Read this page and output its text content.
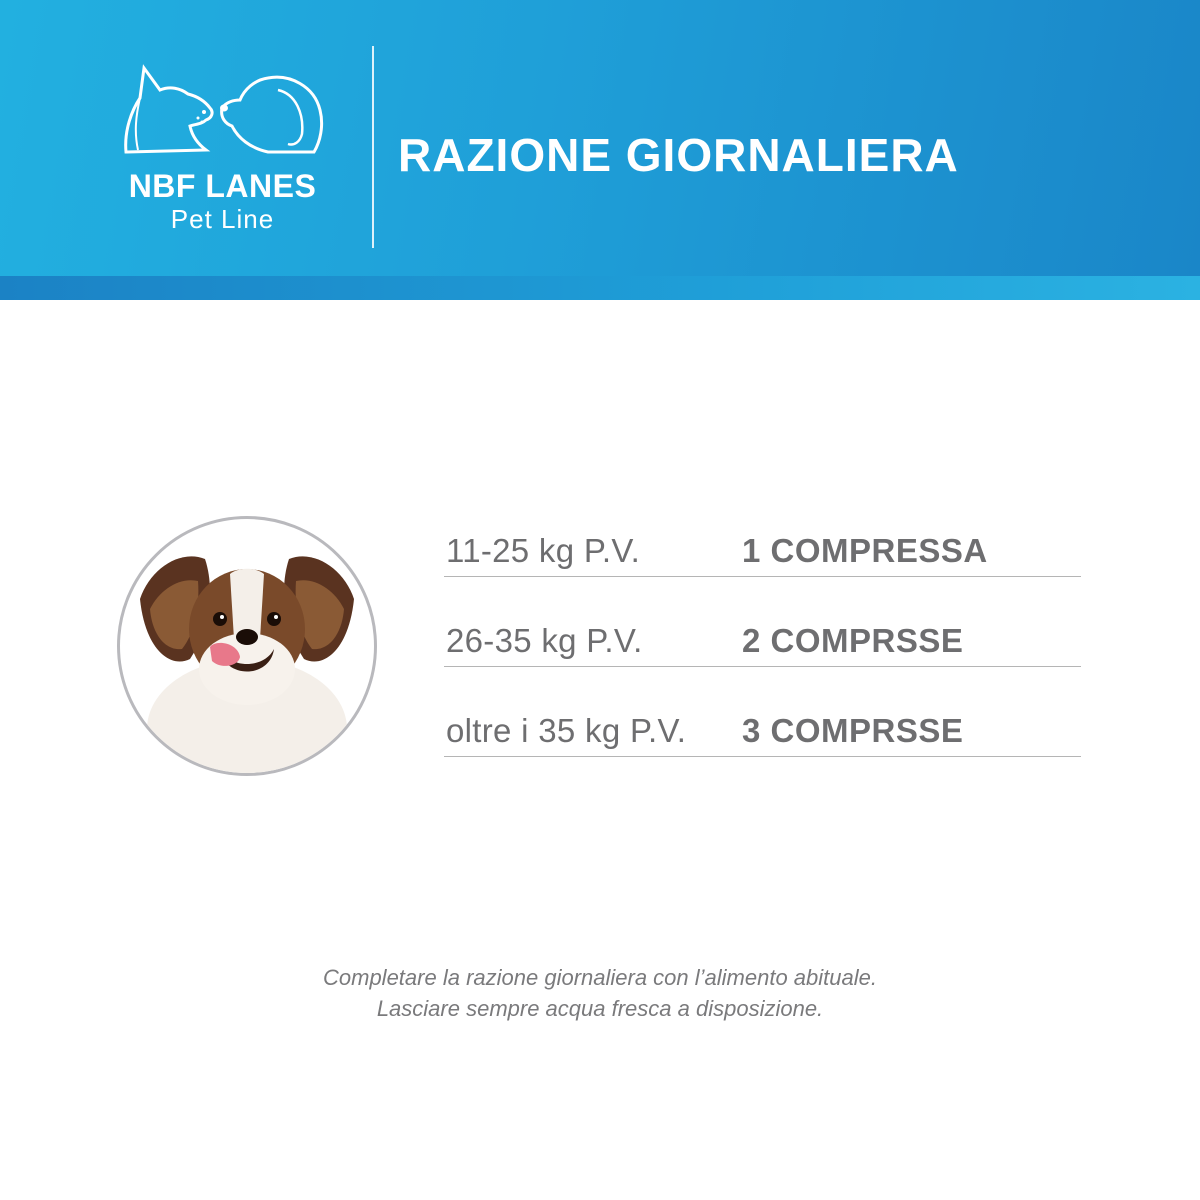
NBF LANES
Pet Line
RAZIONE GIORNALIERA
11-25 kg P.V.	1 COMPRESSA
26-35 kg P.V.	2 COMPRSSE
oltre i 35 kg P.V. 3 COMPRSSE
Completare la razione giornaliera con l’alimento abituale.
Lasciare sempre acqua fresca a disposizione.
